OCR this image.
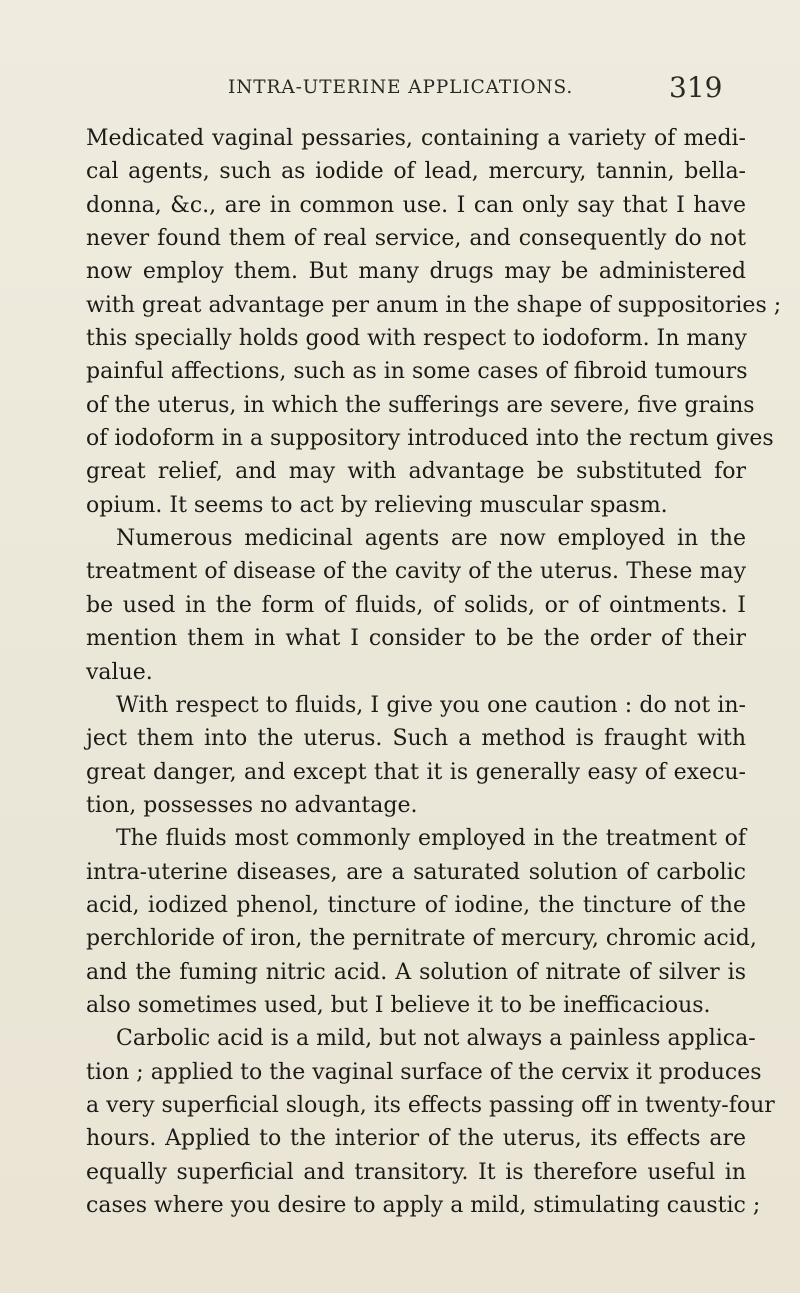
INTRA-UTERINE APPLICATIONS.	319
Medicated vaginal pessaries, containing a variety of medi-
cal agents, such as iodide of lead, mercury, tannin, bella-
donna, &c., are in common use. I can only say that I have
never found them of real service, and consequently do not
now employ them. But many drugs may be administered
with great advantage per anum in the shape of suppositories ;
this specially holds good with respect to iodoform. In many
painful affections, such as in some cases of fibroid tumours
of the uterus, in which the sufferings are severe, five grains
of iodoform in a suppository introduced into the rectum gives
great relief, and may with advantage be substituted for
opium. It seems to act by relieving muscular spasm.
Numerous medicinal agents are now employed in the
treatment of disease of the cavity of the uterus. These may
be used in the form of fluids, of solids, or of ointments. I
mention them in what I consider to be the order of their
value.
With respect to fluids, I give you one caution : do not in-
ject them into the uterus. Such a method is fraught with
great danger, and except that it is generally easy of execu-
tion, possesses no advantage.
The fluids most commonly employed in the treatment of
intra-uterine diseases, are a saturated solution of carbolic
acid, iodized phenol, tincture of iodine, the tincture of the
perchloride of iron, the pernitrate of mercury, chromic acid,
and the fuming nitric acid. A solution of nitrate of silver is
also sometimes used, but I believe it to be inefficacious.
Carbolic acid is a mild, but not always a painless applica-
tion ; applied to the vaginal surface of the cervix it produces
a very superficial slough, its effects passing off in twenty-four
hours. Applied to the interior of the uterus, its effects are
equally superficial and transitory. It is therefore useful in
cases where you desire to apply a mild, stimulating caustic ;
